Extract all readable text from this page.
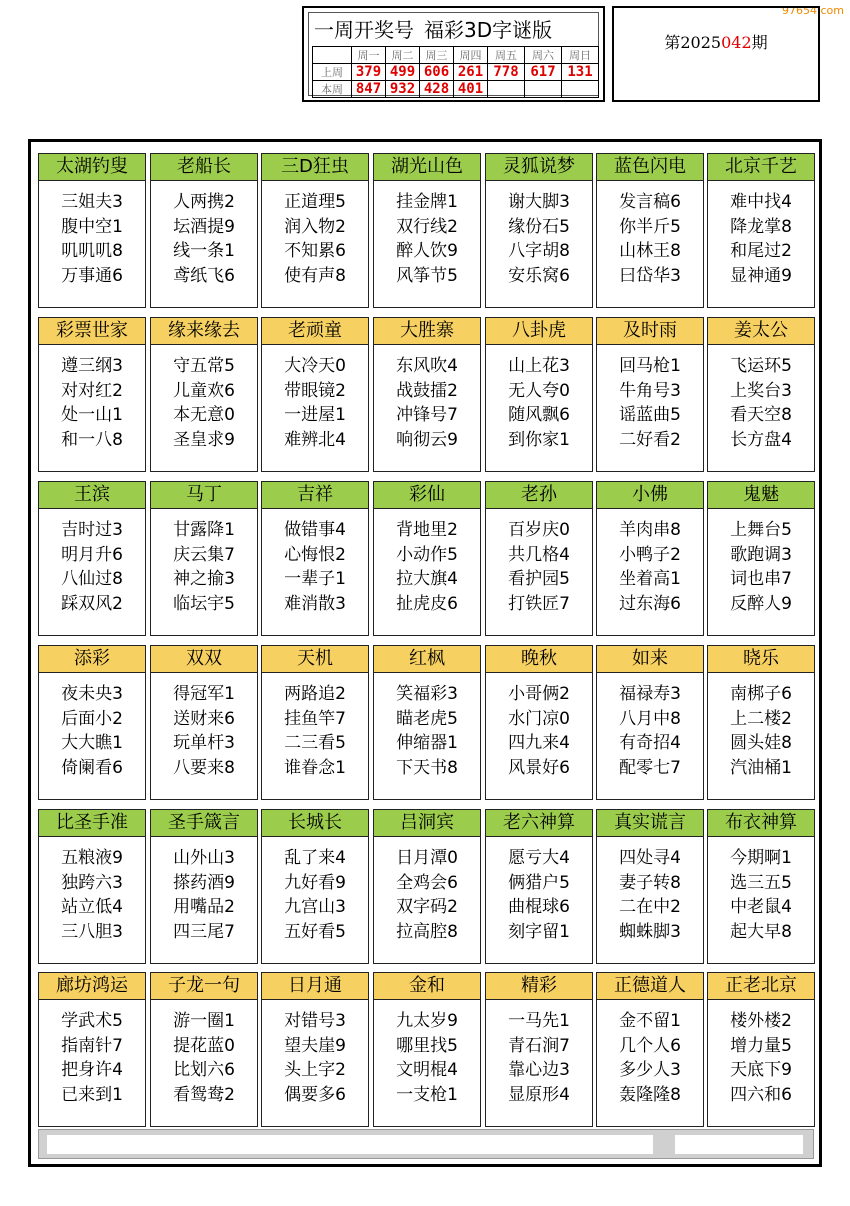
97654.com
一周开奖号 福彩3D字谜版
	周一	周二	周三	周四	周五	周六	周日
上周	379	499	606	261	778	617	131
本周	847	932	428	401			
第2025042期
太湖钓叟
三姐夫3
腹中空1
叽叽叽8
万事通6
老船长
人两携2
坛酒提9
线一条1
鸢纸飞6
三D狂虫
正道理5
润入物2
不知累6
使有声8
湖光山色
挂金牌1
双行线2
醉人饮9
风筝节5
灵狐说梦
谢大脚3
缘份石5
八字胡8
安乐窝6
蓝色闪电
发言稿6
你半斤5
山林王8
曰岱华3
北京千艺
难中找4
降龙掌8
和尾过2
显神通9
彩票世家
遵三纲3
对对红2
处一山1
和一八8
缘来缘去
守五常5
儿童欢6
本无意0
圣皇求9
老顽童
大冷天0
带眼镜2
一进屋1
难辨北4
大胜寨
东风吹4
战鼓擂2
冲锋号7
响彻云9
八卦虎
山上花3
无人夸0
随风飘6
到你家1
及时雨
回马枪1
牛角号3
谣蓝曲5
二好看2
姜太公
飞运环5
上奖台3
看天空8
长方盘4
王滨
吉时过3
明月升6
八仙过8
踩双风2
马丁
甘露降1
庆云集7
神之揄3
临坛宇5
吉祥
做错事4
心悔恨2
一辈子1
难消散3
彩仙
背地里2
小动作5
拉大旗4
扯虎皮6
老孙
百岁庆0
共几格4
看护园5
打铁匠7
小佛
羊肉串8
小鸭子2
坐着高1
过东海6
鬼魅
上舞台5
歌跑调3
词也串7
反醉人9
添彩
夜未央3
后面小2
大大瞧1
倚阑看6
双双
得冠军1
送财来6
玩单杆3
八要来8
天机
两路追2
挂鱼竿7
二三看5
谁眷念1
红枫
笑福彩3
瞄老虎5
伸缩器1
下天书8
晚秋
小哥俩2
水门凉0
四九来4
风景好6
如来
福禄寿3
八月中8
有奇招4
配零七7
晓乐
南梆子6
上二楼2
圆头娃8
汽油桶1
比圣手准
五粮液9
独跨六3
站立低4
三八胆3
圣手箴言
山外山3
搽药酒9
用嘴品2
四三尾7
长城长
乱了来4
九好看9
九宫山3
五好看5
吕洞宾
日月潭0
全鸡会6
双字码2
拉高腔8
老六神算
愿亏大4
俩猎户5
曲棍球6
刻字留1
真实谎言
四处寻4
妻子转8
二在中2
蜘蛛脚3
布衣神算
今期啊1
选三五5
中老鼠4
起大早8
廊坊鸿运
学武术5
指南针7
把身许4
已来到1
子龙一句
游一圈1
提花蓝0
比划六6
看鸳鸯2
日月通
对错号3
望夫崖9
头上字2
偶要多6
金和
九太岁9
哪里找5
文明棍4
一支枪1
精彩
一马先1
青石涧7
靠心边3
显原形4
正德道人
金不留1
几个人6
多少人3
轰隆隆8
正老北京
楼外楼2
增力量5
天底下9
四六和6
